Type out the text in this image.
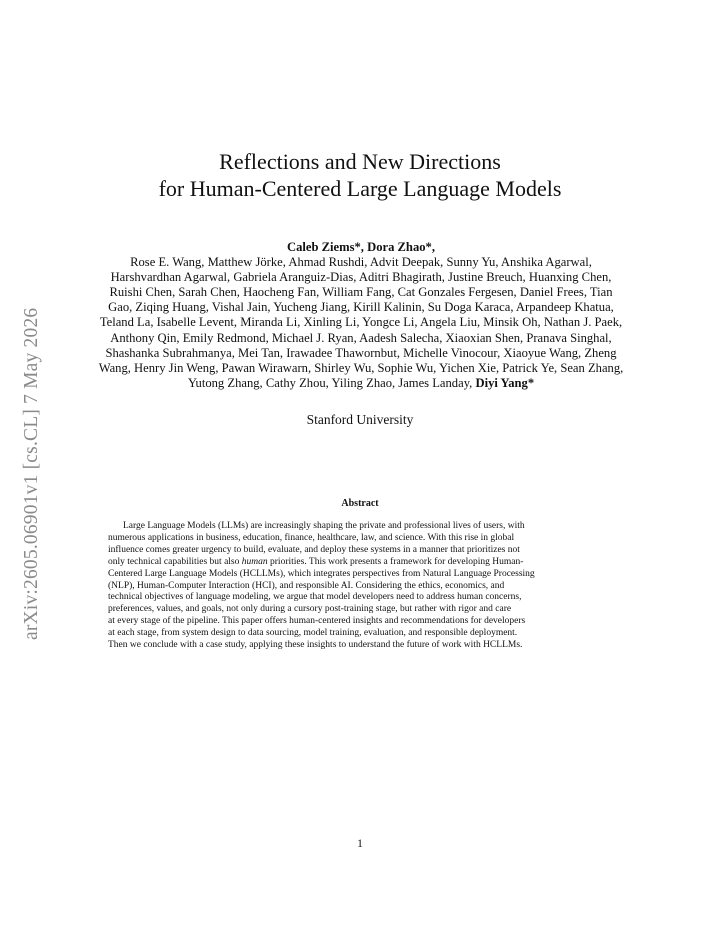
arXiv:2605.06901v1 [cs.CL] 7 May 2026
Reflections and New Directions
for Human-Centered Large Language Models
Caleb Ziems*, Dora Zhao*,
Rose E. Wang, Matthew Jörke, Ahmad Rushdi, Advit Deepak, Sunny Yu, Anshika Agarwal,
Harshvardhan Agarwal, Gabriela Aranguiz-Dias, Aditri Bhagirath, Justine Breuch, Huanxing Chen,
Ruishi Chen, Sarah Chen, Haocheng Fan, William Fang, Cat Gonzales Fergesen, Daniel Frees, Tian
Gao, Ziqing Huang, Vishal Jain, Yucheng Jiang, Kirill Kalinin, Su Doga Karaca, Arpandeep Khatua,
Teland La, Isabelle Levent, Miranda Li, Xinling Li, Yongce Li, Angela Liu, Minsik Oh, Nathan J. Paek,
Anthony Qin, Emily Redmond, Michael J. Ryan, Aadesh Salecha, Xiaoxian Shen, Pranava Singhal,
Shashanka Subrahmanya, Mei Tan, Irawadee Thawornbut, Michelle Vinocour, Xiaoyue Wang, Zheng
Wang, Henry Jin Weng, Pawan Wirawarn, Shirley Wu, Sophie Wu, Yichen Xie, Patrick Ye, Sean Zhang,
Yutong Zhang, Cathy Zhou, Yiling Zhao, James Landay, Diyi Yang*
Stanford University
Abstract
Large Language Models (LLMs) are increasingly shaping the private and professional lives of users, with
numerous applications in business, education, finance, healthcare, law, and science. With this rise in global
influence comes greater urgency to build, evaluate, and deploy these systems in a manner that prioritizes not
only technical capabilities but also human priorities. This work presents a framework for developing Human-
Centered Large Language Models (HCLLMs), which integrates perspectives from Natural Language Processing
(NLP), Human-Computer Interaction (HCI), and responsible AI. Considering the ethics, economics, and
technical objectives of language modeling, we argue that model developers need to address human concerns,
preferences, values, and goals, not only during a cursory post-training stage, but rather with rigor and care
at every stage of the pipeline. This paper offers human-centered insights and recommendations for developers
at each stage, from system design to data sourcing, model training, evaluation, and responsible deployment.
Then we conclude with a case study, applying these insights to understand the future of work with HCLLMs.
1
